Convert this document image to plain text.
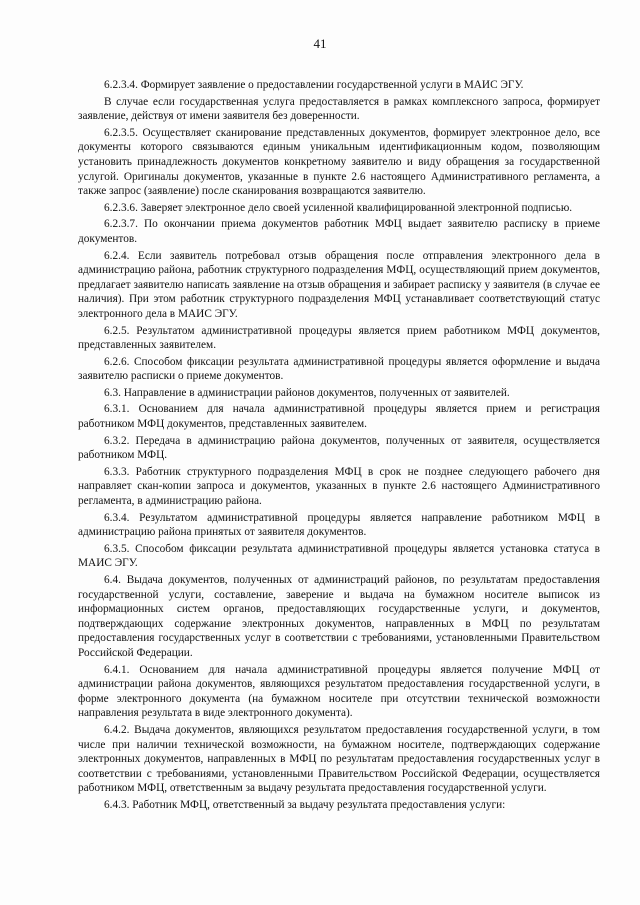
41

6.2.3.4. Формирует заявление о предоставлении государственной услуги в МАИС ЭГУ.

В случае если государственная услуга предоставляется в рамках комплексного запроса, формирует заявление, действуя от имени заявителя без доверенности.

6.2.3.5. Осуществляет сканирование представленных документов, формирует электронное дело, все документы которого связываются единым уникальным идентификационным кодом, позволяющим установить принадлежность документов конкретному заявителю и виду обращения за государственной услугой. Оригиналы документов, указанные в пункте 2.6 настоящего Административного регламента, а также запрос (заявление) после сканирования возвращаются заявителю.

6.2.3.6. Заверяет электронное дело своей усиленной квалифицированной электронной подписью.

6.2.3.7. По окончании приема документов работник МФЦ выдает заявителю расписку в приеме документов.

6.2.4. Если заявитель потребовал отзыв обращения после отправления электронного дела в администрацию района, работник структурного подразделения МФЦ, осуществляющий прием документов, предлагает заявителю написать заявление на отзыв обращения и забирает расписку у заявителя (в случае ее наличия). При этом работник структурного подразделения МФЦ устанавливает соответствующий статус электронного дела в МАИС ЭГУ.

6.2.5. Результатом административной процедуры является прием работником МФЦ документов, представленных заявителем.

6.2.6. Способом фиксации результата административной процедуры является оформление и выдача заявителю расписки о приеме документов.

6.3. Направление в администрации районов документов, полученных от заявителей.

6.3.1. Основанием для начала административной процедуры является прием и регистрация работником МФЦ документов, представленных заявителем.

6.3.2. Передача в администрацию района документов, полученных от заявителя, осуществляется работником МФЦ.

6.3.3. Работник структурного подразделения МФЦ в срок не позднее следующего рабочего дня направляет скан-копии запроса и документов, указанных в пункте 2.6 настоящего Административного регламента, в администрацию района.

6.3.4. Результатом административной процедуры является направление работником МФЦ в администрацию района принятых от заявителя документов.

6.3.5. Способом фиксации результата административной процедуры является установка статуса в МАИС ЭГУ.

6.4. Выдача документов, полученных от администраций районов, по результатам предоставления государственной услуги, составление, заверение и выдача на бумажном носителе выписок из информационных систем органов, предоставляющих государственные услуги, и документов, подтверждающих содержание электронных документов, направленных в МФЦ по результатам предоставления государственных услуг в соответствии с требованиями, установленными Правительством Российской Федерации.

6.4.1. Основанием для начала административной процедуры является получение МФЦ от администрации района документов, являющихся результатом предоставления государственной услуги, в форме электронного документа (на бумажном носителе при отсутствии технической возможности направления результата в виде электронного документа).

6.4.2. Выдача документов, являющихся результатом предоставления государственной услуги, в том числе при наличии технической возможности, на бумажном носителе, подтверждающих содержание электронных документов, направленных в МФЦ по результатам предоставления государственных услуг в соответствии с требованиями, установленными Правительством Российской Федерации, осуществляется работником МФЦ, ответственным за выдачу результата предоставления государственной услуги.

6.4.3. Работник МФЦ, ответственный за выдачу результата предоставления услуги:
